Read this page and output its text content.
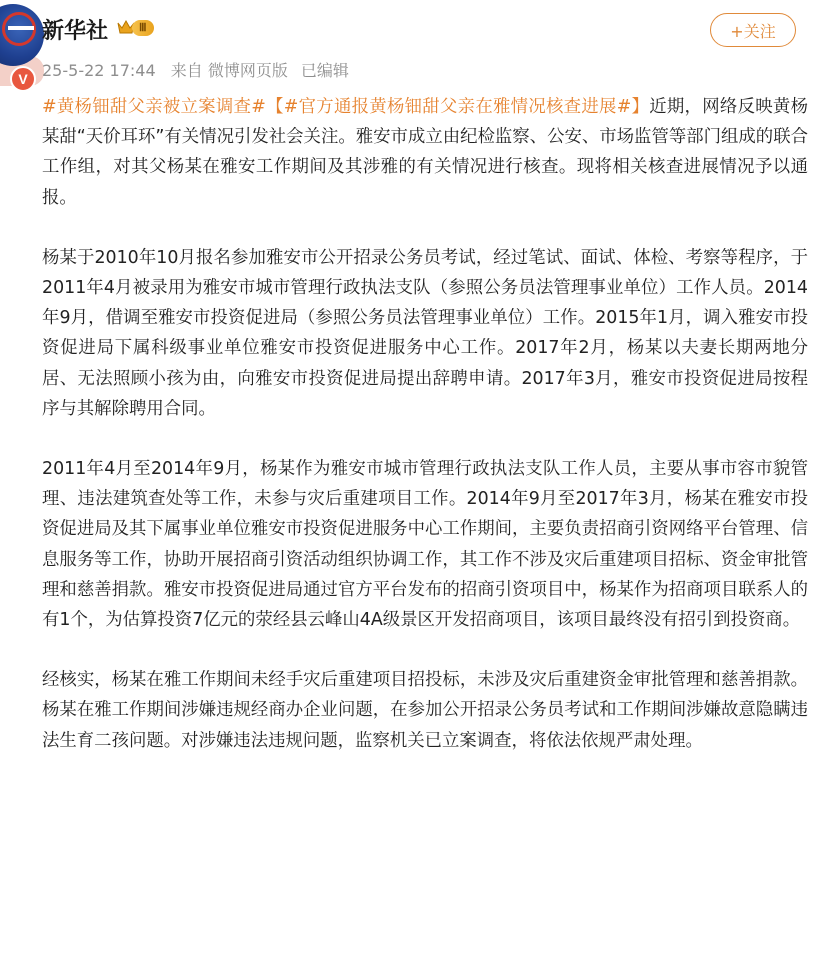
V
新华社	Ⅲ
25-5-22 17:44 来自 微博网页版 已编辑
+关注

#黄杨钿甜父亲被立案调查#【#官方通报黄杨钿甜父亲在雅情况核查进展#】近期，网络反映黄杨某甜“天价耳环”有关情况引发社会关注。雅安市成立由纪检监察、公安、市场监管等部门组成的联合工作组，对其父杨某在雅安工作期间及其涉雅的有关情况进行核查。现将相关核查进展情况予以通报。

杨某于2010年10月报名参加雅安市公开招录公务员考试，经过笔试、面试、体检、考察等程序，于2011年4月被录用为雅安市城市管理行政执法支队（参照公务员法管理事业单位）工作人员。2014年9月，借调至雅安市投资促进局（参照公务员法管理事业单位）工作。2015年1月，调入雅安市投资促进局下属科级事业单位雅安市投资促进服务中心工作。2017年2月，杨某以夫妻长期两地分居、无法照顾小孩为由，向雅安市投资促进局提出辞聘申请。2017年3月，雅安市投资促进局按程序与其解除聘用合同。

2011年4月至2014年9月，杨某作为雅安市城市管理行政执法支队工作人员，主要从事市容市貌管理、违法建筑查处等工作，未参与灾后重建项目工作。2014年9月至2017年3月，杨某在雅安市投资促进局及其下属事业单位雅安市投资促进服务中心工作期间，主要负责招商引资网络平台管理、信息服务等工作，协助开展招商引资活动组织协调工作，其工作不涉及灾后重建项目招标、资金审批管理和慈善捐款。雅安市投资促进局通过官方平台发布的招商引资项目中，杨某作为招商项目联系人的有1个，为估算投资7亿元的荥经县云峰山4A级景区开发招商项目，该项目最终没有招引到投资商。

经核实，杨某在雅工作期间未经手灾后重建项目招投标，未涉及灾后重建资金审批管理和慈善捐款。杨某在雅工作期间涉嫌违规经商办企业问题，在参加公开招录公务员考试和工作期间涉嫌故意隐瞒违法生育二孩问题。对涉嫌违法违规问题，监察机关已立案调查，将依法依规严肃处理。
